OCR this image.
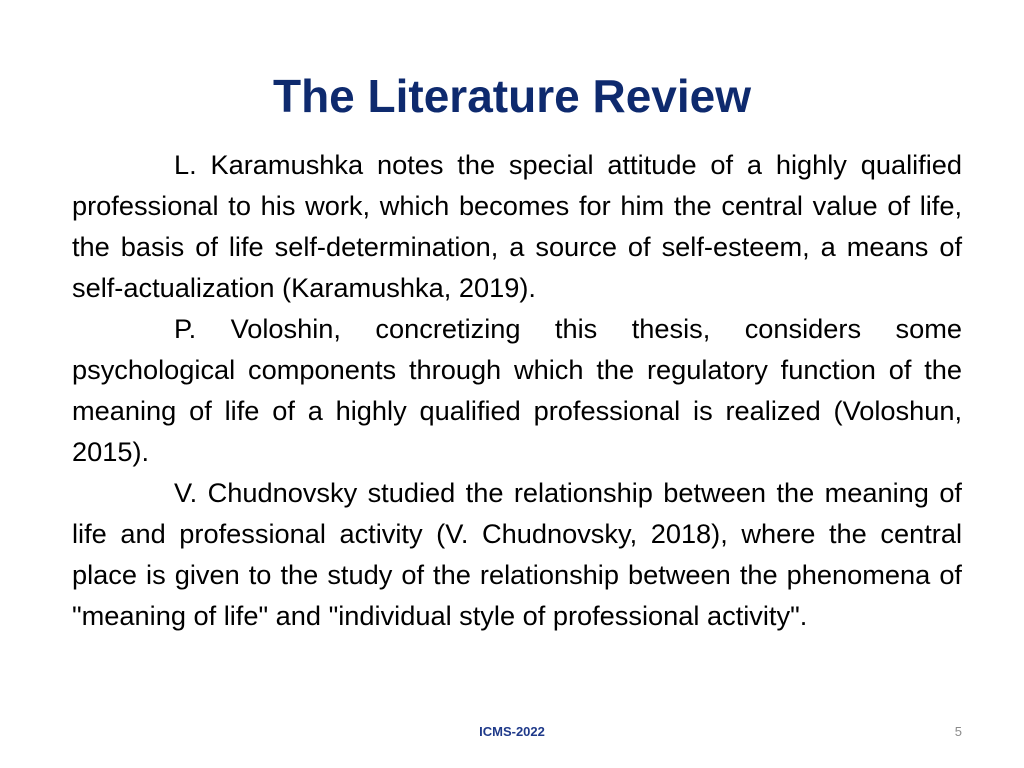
The Literature Review

L. Karamushka notes the special attitude of a highly qualified professional to his work, which becomes for him the central value of life, the basis of life self-determination, a source of self-esteem, a means of self-actualization (Karamushka, 2019).

P. Voloshin, concretizing this thesis, considers some psychological components through which the regulatory function of the meaning of life of a highly qualified professional is realized (Voloshun, 2015).

V. Chudnovsky studied the relationship between the meaning of life and professional activity (V. Chudnovsky, 2018), where the central place is given to the study of the relationship between the phenomena of "meaning of life" and "individual style of professional activity".

ICMS-2022	5
